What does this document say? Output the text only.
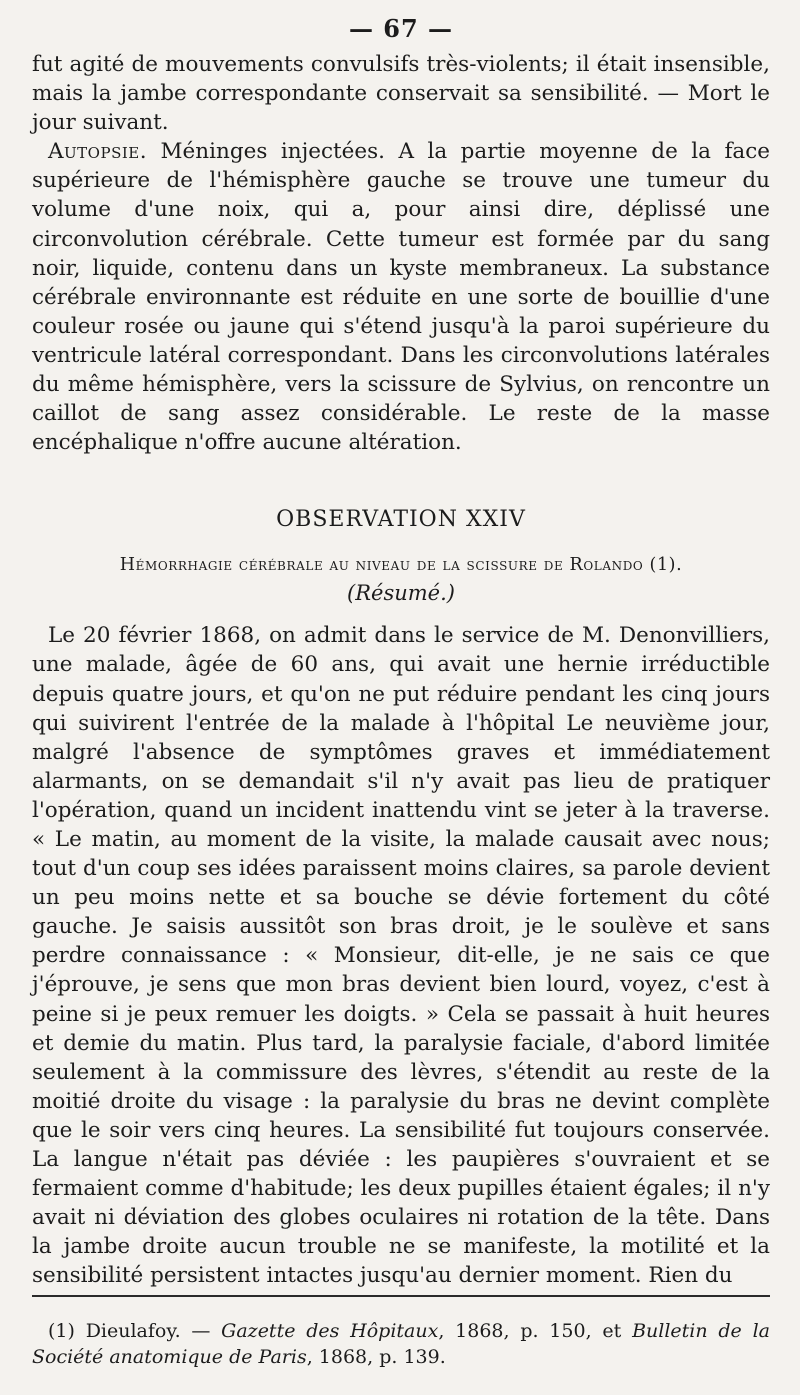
— 67 —

fut agité de mouvements convulsifs très-violents; il était insensible, mais la jambe correspondante conservait sa sensibilité. — Mort le jour suivant.

Autopsie. Méninges injectées. A la partie moyenne de la face supérieure de l'hémisphère gauche se trouve une tumeur du volume d'une noix, qui a, pour ainsi dire, déplissé une circonvolution cérébrale. Cette tumeur est formée par du sang noir, liquide, contenu dans un kyste membraneux. La substance cérébrale environnante est réduite en une sorte de bouillie d'une couleur rosée ou jaune qui s'étend jusqu'à la paroi supérieure du ventricule latéral correspondant. Dans les circonvolutions latérales du même hémisphère, vers la scissure de Sylvius, on rencontre un caillot de sang assez considérable. Le reste de la masse encéphalique n'offre aucune altération.

OBSERVATION XXIV
Hémorrhagie cérébrale au niveau de la scissure de Rolando (1).
(Résumé.)

Le 20 février 1868, on admit dans le service de M. Denonvilliers, une malade, âgée de 60 ans, qui avait une hernie irréductible depuis quatre jours, et qu'on ne put réduire pendant les cinq jours qui suivirent l'entrée de la malade à l'hôpital Le neuvième jour, malgré l'absence de symptômes graves et immédiatement alarmants, on se demandait s'il n'y avait pas lieu de pratiquer l'opération, quand un incident inattendu vint se jeter à la traverse. « Le matin, au moment de la visite, la malade causait avec nous; tout d'un coup ses idées paraissent moins claires, sa parole devient un peu moins nette et sa bouche se dévie fortement du côté gauche. Je saisis aussitôt son bras droit, je le soulève et sans perdre connaissance : « Monsieur, dit-elle, je ne sais ce que j'éprouve, je sens que mon bras devient bien lourd, voyez, c'est à peine si je peux remuer les doigts. » Cela se passait à huit heures et demie du matin. Plus tard, la paralysie faciale, d'abord limitée seulement à la commissure des lèvres, s'étendit au reste de la moitié droite du visage : la paralysie du bras ne devint complète que le soir vers cinq heures. La sensibilité fut toujours conservée. La langue n'était pas déviée : les paupières s'ouvraient et se fermaient comme d'habitude; les deux pupilles étaient égales; il n'y avait ni déviation des globes oculaires ni rotation de la tête. Dans la jambe droite aucun trouble ne se manifeste, la motilité et la sensibilité persistent intactes jusqu'au dernier moment. Rien du

(1) Dieulafoy. — Gazette des Hôpitaux, 1868, p. 150, et Bulletin de la Société anatomique de Paris, 1868, p. 139.
